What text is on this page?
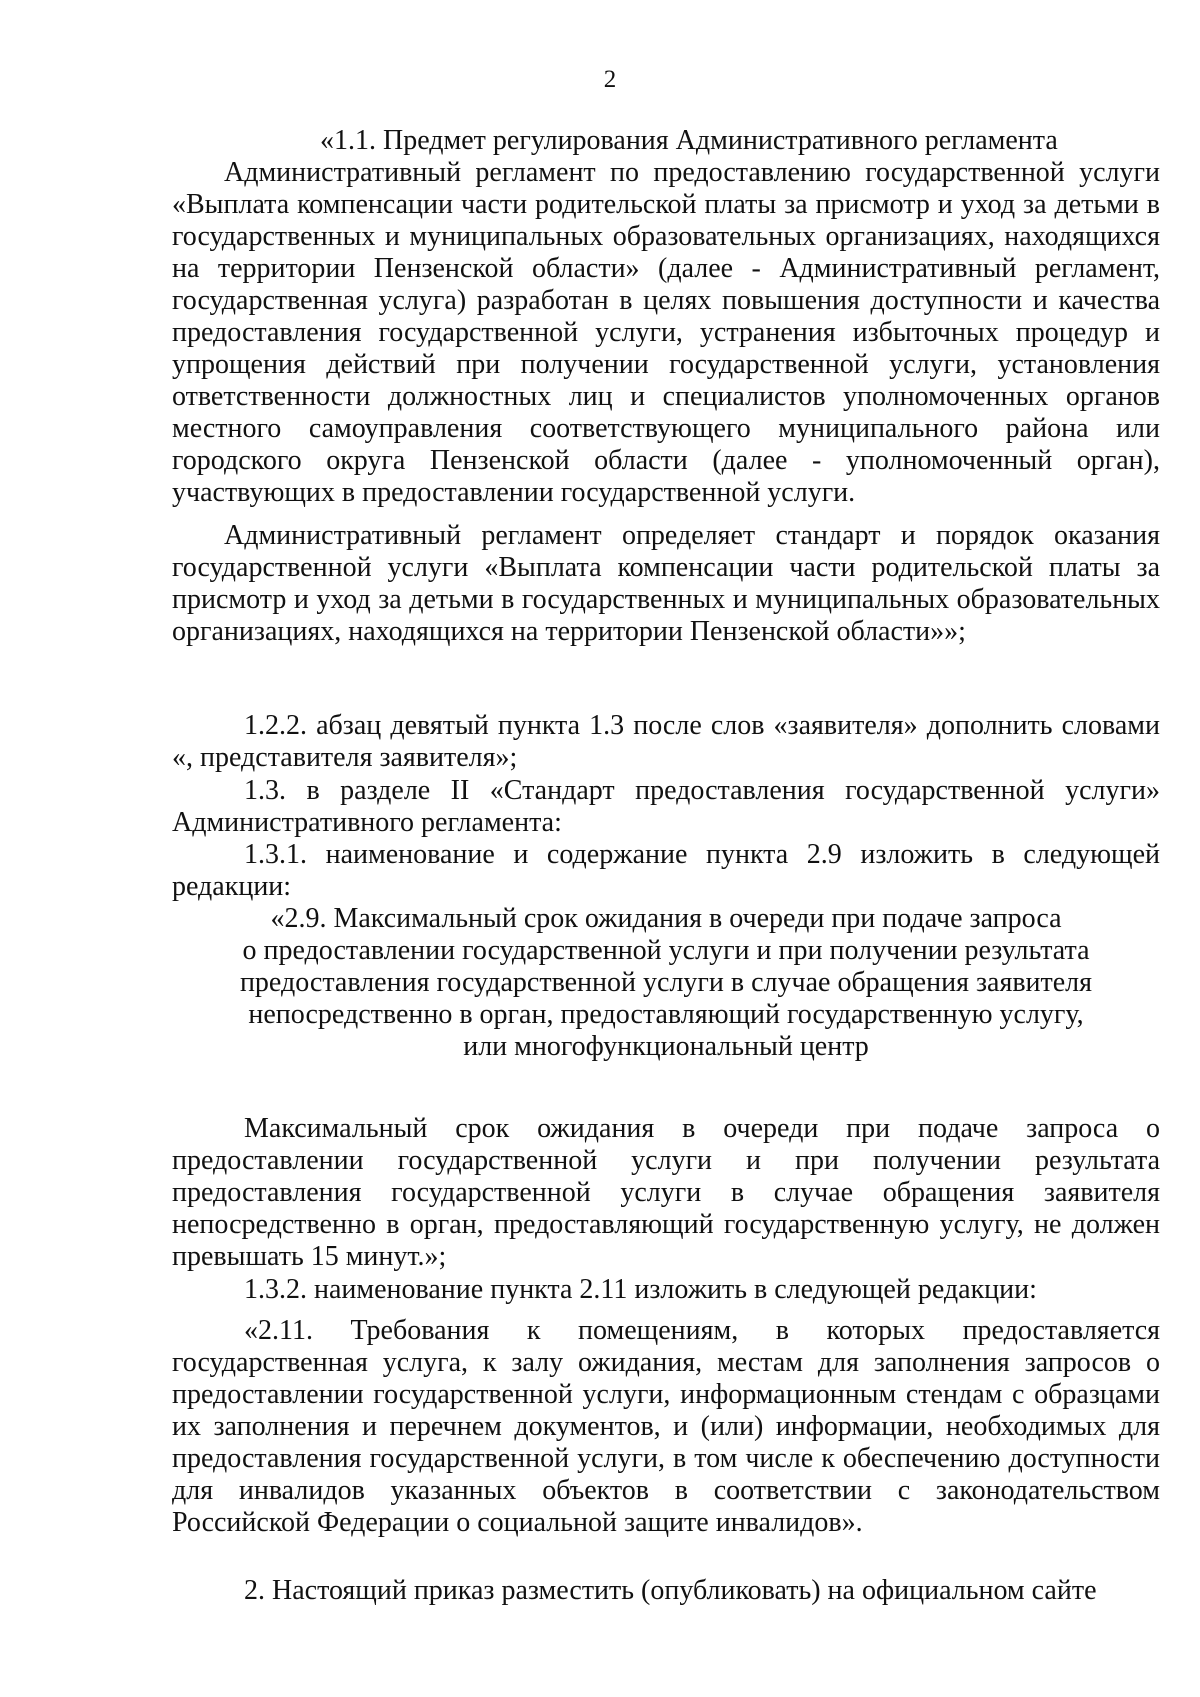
2
«1.1. Предмет регулирования Административного регламента

Административный регламент по предоставлению государственной услуги «Выплата компенсации части родительской платы за присмотр и уход за детьми в государственных и муниципальных образовательных организациях, находящихся на территории Пензенской области» (далее - Административный регламент, государственная услуга) разработан в целях повышения доступности и качества предоставления государственной услуги, устранения избыточных процедур и упрощения действий при получении государственной услуги, установления ответственности должностных лиц и специалистов уполномоченных органов местного самоуправления соответствующего муниципального района или городского округа Пензенской области (далее - уполномоченный орган), участвующих в предоставлении государственной услуги.

Административный регламент определяет стандарт и порядок оказания государственной услуги «Выплата компенсации части родительской платы за присмотр и уход за детьми в государственных и муниципальных образовательных организациях, находящихся на территории Пензенской области»»;

1.2.2. абзац девятый пункта 1.3 после слов «заявителя» дополнить словами «, представителя заявителя»;

1.3. в разделе II «Стандарт предоставления государственной услуги» Административного регламента:

1.3.1. наименование и содержание пункта 2.9 изложить в следующей редакции:

«2.9. Максимальный срок ожидания в очереди при подаче запроса

о предоставлении государственной услуги и при получении результата

предоставления государственной услуги в случае обращения заявителя

непосредственно в орган, предоставляющий государственную услугу,

или многофункциональный центр

Максимальный срок ожидания в очереди при подаче запроса о предоставлении государственной услуги и при получении результата предоставления государственной услуги в случае обращения заявителя непосредственно в орган, предоставляющий государственную услугу, не должен превышать 15 минут.»;

1.3.2. наименование пункта 2.11 изложить в следующей редакции:

«2.11. Требования к помещениям, в которых предоставляется государственная услуга, к залу ожидания, местам для заполнения запросов о предоставлении государственной услуги, информационным стендам с образцами их заполнения и перечнем документов, и (или) информации, необходимых для предоставления государственной услуги, в том числе к обеспечению доступности для инвалидов указанных объектов в соответствии с законодательством Российской Федерации о социальной защите инвалидов».

2. Настоящий приказ разместить (опубликовать) на официальном сайте
